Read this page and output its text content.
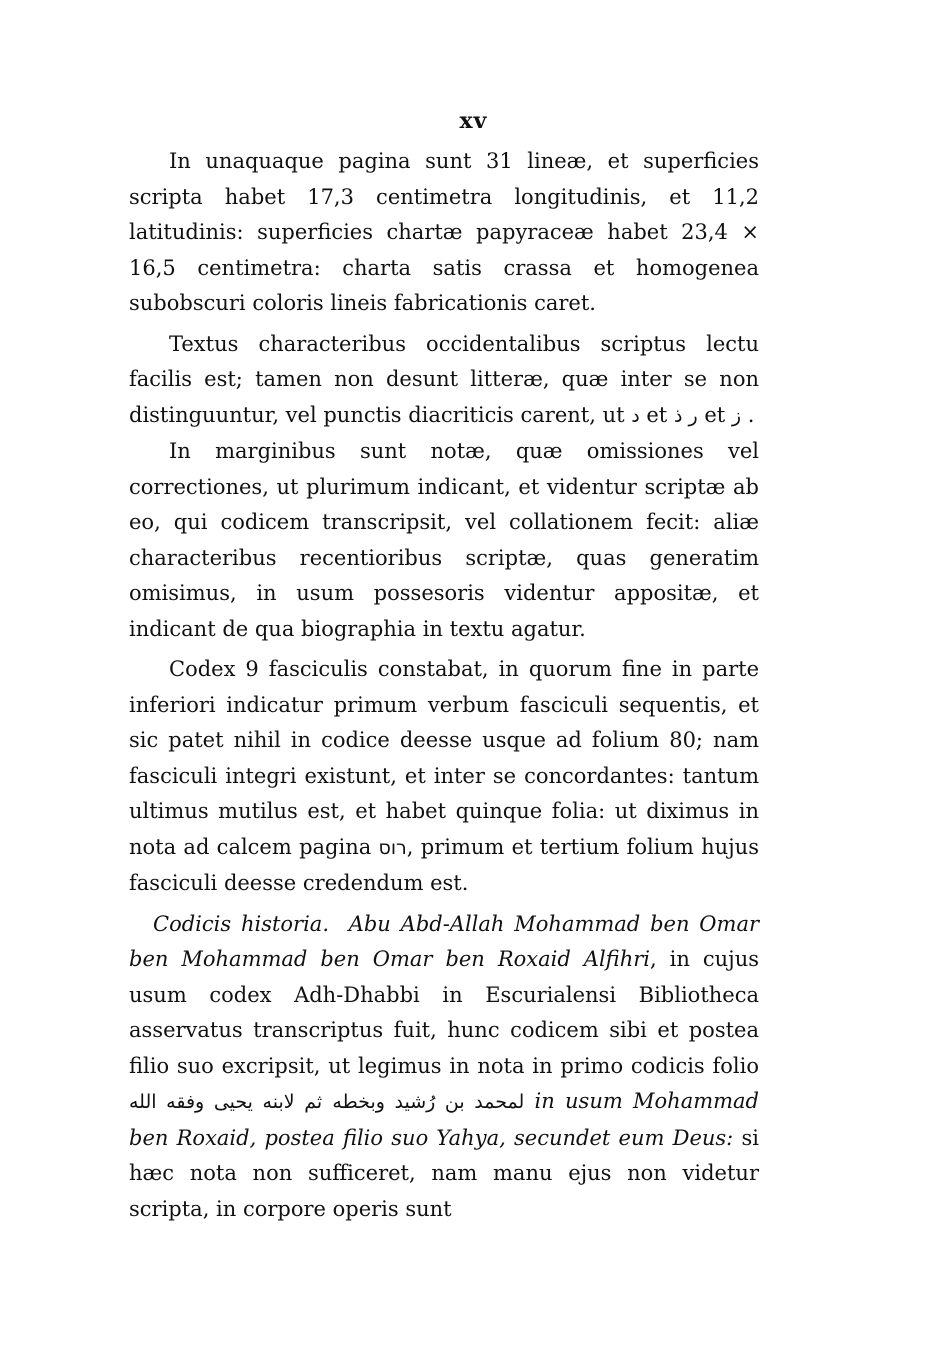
xv

In unaquaque pagina sunt 31 lineæ, et superficies scripta habet 17,3 centimetra longitudinis, et 11,2 latitudinis: superficies chartæ papyraceæ habet 23,4 × 16,5 centimetra: charta satis crassa et homogenea subobscuri coloris lineis fabricationis caret.

Textus characteribus occidentalibus scriptus lectu facilis est; tamen non desunt litteræ, quæ inter se non distinguuntur, vel punctis diacriticis carent, ut د et ر ذ et ز .

In marginibus sunt notæ, quæ omissiones vel correctiones, ut plurimum indicant, et videntur scriptæ ab eo, qui codicem transcripsit, vel collationem fecit: aliæ characteribus recentioribus scriptæ, quas generatim omisimus, in usum possesoris videntur appositæ, et indicant de qua biographia in textu agatur.

Codex 9 fasciculis constabat, in quorum fine in parte inferiori indicatur primum verbum fasciculi sequentis, et sic patet nihil in codice deesse usque ad folium 80; nam fasciculi integri existunt, et inter se concordantes: tantum ultimus mutilus est, et habet quinque folia: ut diximus in nota ad calcem pagina רוס, primum et tertium folium hujus fasciculi deesse credendum est.

Codicis historia. Abu Abd-Allah Mohammad ben Omar ben Mohammad ben Omar ben Roxaid Alfihri, in cujus usum codex Adh-Dhabbi in Escurialensi Bibliotheca asservatus transcriptus fuit, hunc codicem sibi et postea filio suo excripsit, ut legimus in nota in primo codicis folio لمحمد بن رُشيد وبخطه ثم لابنه يحيى وفقه الله	in usum Mohammad ben Roxaid, postea filio suo Yahya, secundet eum Deus: si hæc nota non sufficeret, nam manu ejus non videtur scripta, in corpore operis sunt
